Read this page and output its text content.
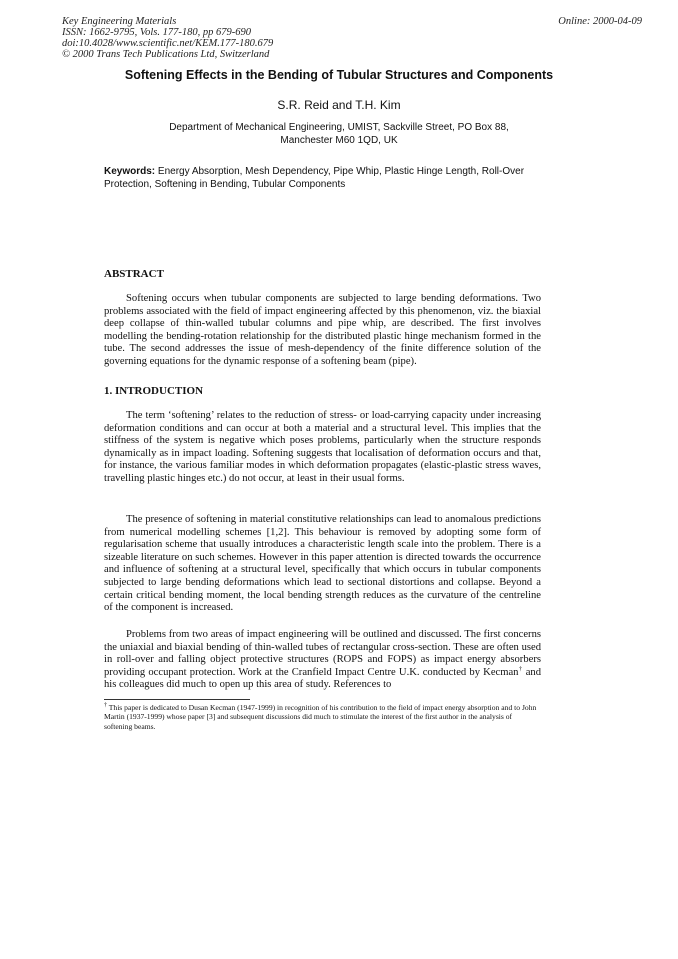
Key Engineering Materials
ISSN: 1662-9795, Vols. 177-180, pp 679-690
doi:10.4028/www.scientific.net/KEM.177-180.679
© 2000 Trans Tech Publications Ltd, Switzerland
Online: 2000-04-09
Softening Effects in the Bending of Tubular Structures and Components
S.R. Reid and T.H. Kim
Department of Mechanical Engineering, UMIST, Sackville Street, PO Box 88,
Manchester M60 1QD, UK
Keywords: Energy Absorption, Mesh Dependency, Pipe Whip, Plastic Hinge Length, Roll-Over Protection, Softening in Bending, Tubular Components
ABSTRACT

Softening occurs when tubular components are subjected to large bending deformations. Two problems associated with the field of impact engineering affected by this phenomenon, viz. the biaxial deep collapse of thin-walled tubular columns and pipe whip, are described. The first involves modelling the bending-rotation relationship for the distributed plastic hinge mechanism formed in the tube. The second addresses the issue of mesh-dependency of the finite difference solution of the governing equations for the dynamic response of a softening beam (pipe).

1. INTRODUCTION

The term ‘softening’ relates to the reduction of stress- or load-carrying capacity under increasing deformation conditions and can occur at both a material and a structural level. This implies that the stiffness of the system is negative which poses problems, particularly when the structure responds dynamically as in impact loading. Softening suggests that localisation of deformation occurs and that, for instance, the various familiar modes in which deformation propagates (elastic-plastic stress waves, travelling plastic hinges etc.) do not occur, at least in their usual forms.

The presence of softening in material constitutive relationships can lead to anomalous predictions from numerical modelling schemes [1,2]. This behaviour is removed by adopting some form of regularisation scheme that usually introduces a characteristic length scale into the problem. There is a sizeable literature on such schemes. However in this paper attention is directed towards the occurrence and influence of softening at a structural level, specifically that which occurs in tubular components subjected to large bending deformations which lead to sectional distortions and collapse. Beyond a certain critical bending moment, the local bending strength reduces as the curvature of the centreline of the component is increased.

Problems from two areas of impact engineering will be outlined and discussed. The first concerns the uniaxial and biaxial bending of thin-walled tubes of rectangular cross-section. These are often used in roll-over and falling object protective structures (ROPS and FOPS) as impact energy absorbers providing occupant protection. Work at the Cranfield Impact Centre U.K. conducted by Kecman† and his colleagues did much to open up this area of study. References to

† This paper is dedicated to Dusan Kecman (1947-1999) in recognition of his contribution to the field of impact energy absorption and to John Martin (1937-1999) whose paper [3] and subsequent discussions did much to stimulate the interest of the first author in the analysis of softening beams.
